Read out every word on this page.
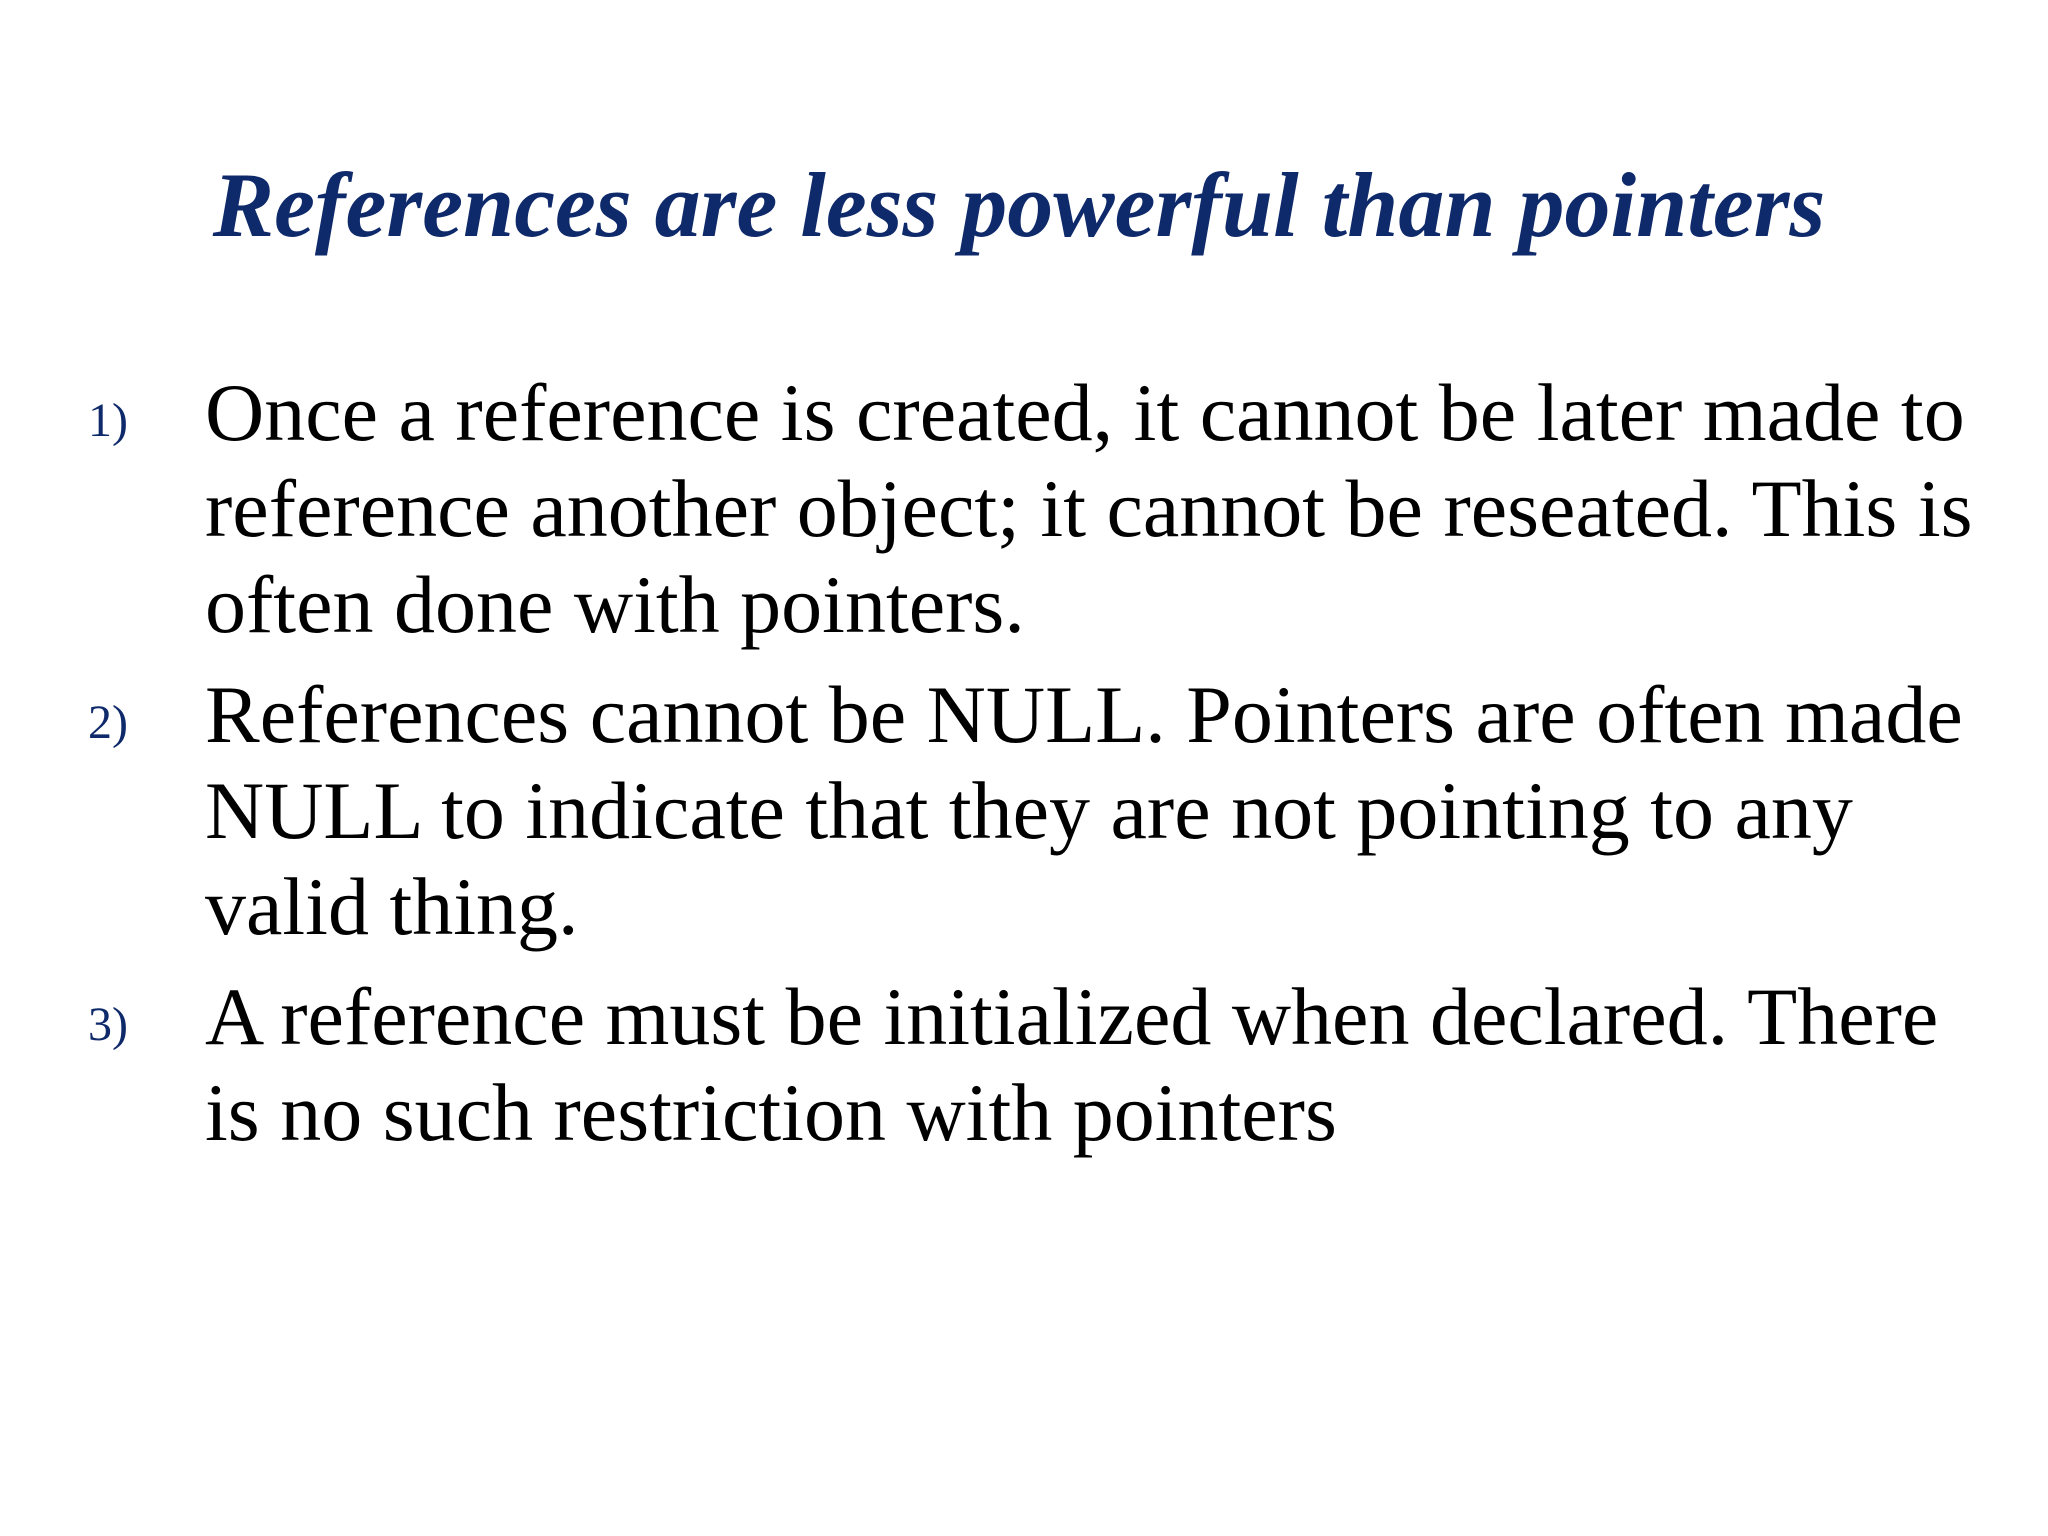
References are less powerful than pointers
1) Once a reference is created, it cannot be later made to reference another object; it cannot be reseated. This is often done with pointers.
2) References cannot be NULL. Pointers are often made NULL to indicate that they are not pointing to any valid thing.
3) A reference must be initialized when declared. There is no such restriction with pointers
